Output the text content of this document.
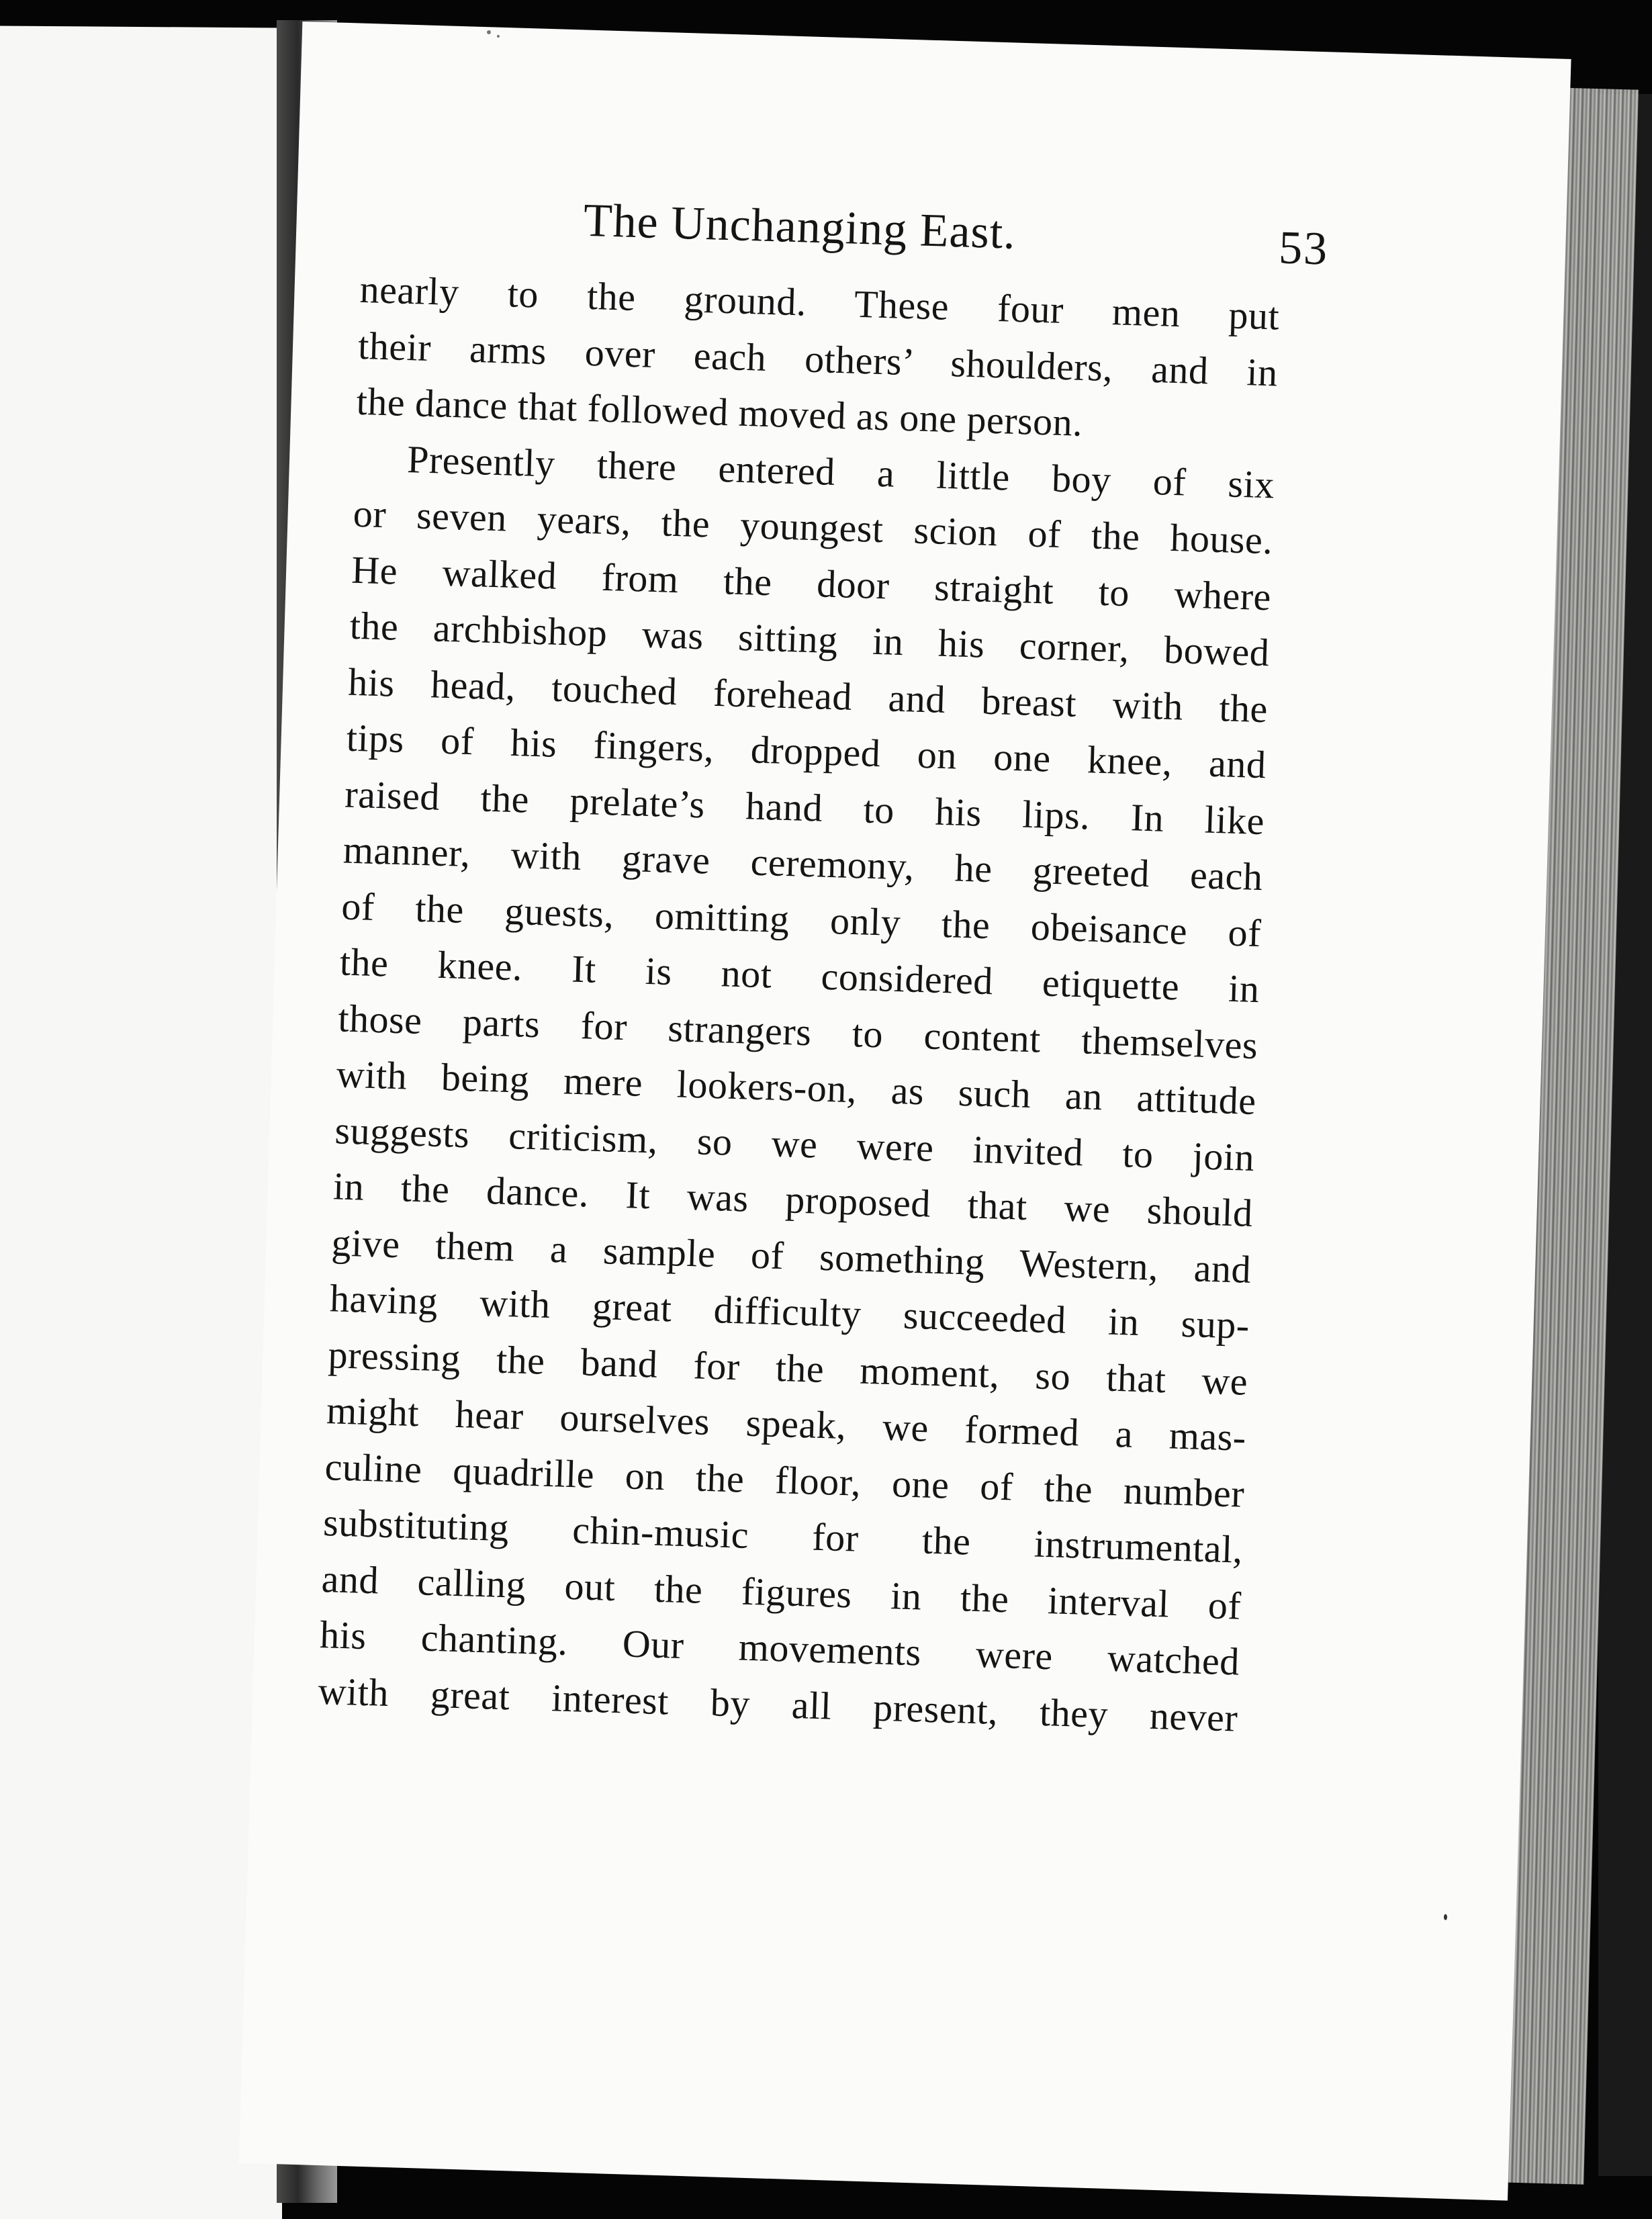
The Unchanging East.	53
nearly to the ground. These four men put
their arms over each others’ shoulders, and in
the dance that followed moved as one person.
Presently there entered a little boy of six
or seven years, the youngest scion of the house.
He walked from the door straight to where
the archbishop was sitting in his corner, bowed
his head, touched forehead and breast with the
tips of his fingers, dropped on one knee, and
raised the prelate’s hand to his lips. In like
manner, with grave ceremony, he greeted each
of the guests, omitting only the obeisance of
the knee. It is not considered etiquette in
those parts for strangers to content themselves
with being mere lookers-on, as such an attitude
suggests criticism, so we were invited to join
in the dance. It was proposed that we should
give them a sample of something Western, and
having with great difficulty succeeded in sup-
pressing the band for the moment, so that we
might hear ourselves speak, we formed a mas-
culine quadrille on the floor, one of the number
substituting chin-music for the instrumental,
and calling out the figures in the interval of
his chanting. Our movements were watched
with great interest by all present, they never
